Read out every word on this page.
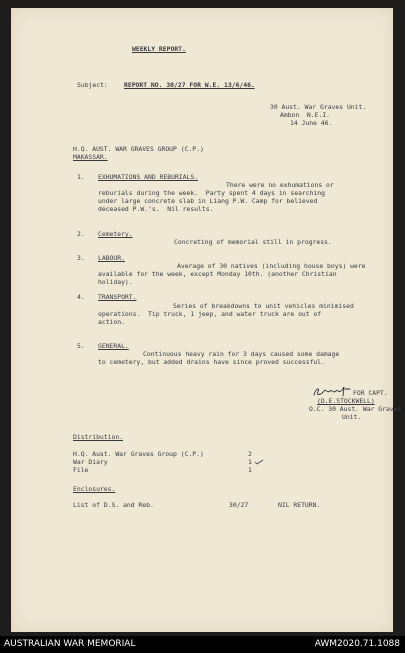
WEEKLY REPORT.
Subject:	REPORT NO. 30/27 FOR W.E. 13/6/46.
30 Aust. War Graves Unit.
Ambon  N.E.I.
14 June 46.
H.Q. AUST. WAR GRAVES GROUP (C.P.)
MAKASSAR.
1. EXHUMATIONS AND REBURIALS.
There were no exhumations or
reburials during the week.  Party spent 4 days in searching
under large concrete slab in Liang P.W. Camp for believed
deceased P.W.'s.  Nil results.
2. Cemetery.
Concreting of memorial still in progress.
3. LABOUR.
Average of 30 natives (including house boys) were
available for the week, except Monday 10th. (another Christian
holiday).
4. TRANSPORT.
Series of breakdowns to unit vehicles minimised
operations.  Tip truck, 1 jeep, and water truck are out of
action.
5. GENERAL.
Continuous heavy rain for 3 days caused some damage
to cemetery, but added drains have since proved successful.
FOR CAPT.
(D.E.STOCKWELL)
O.C. 30 Aust. War Graves
Unit.
Distribution.
H.Q. Aust. War Graves Group (C.P.)	2
War Diary	1
File	1
Enclosures.
List of D.S. and Reb.	30/27	NIL RETURN.
AUSTRALIAN WAR MEMORIAL	AWM2020.71.1088
